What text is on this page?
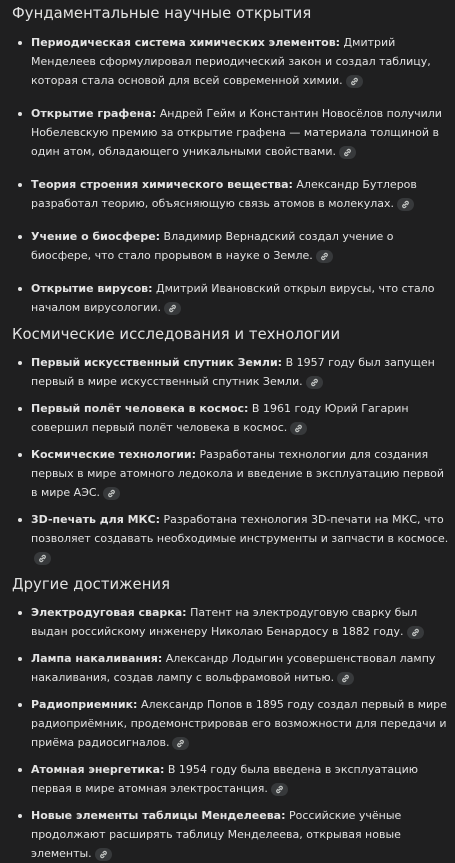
Фундаментальные научные открытия
Периодическая система химических элементов: Дмитрий Менделеев сформулировал периодический закон и создал таблицу, которая стала основой для всей современной химии.
Открытие графена: Андрей Гейм и Константин Новосёлов получили Нобелевскую премию за открытие графена — материала толщиной в один атом, обладающего уникальными свойствами.
Теория строения химического вещества: Александр Бутлеров разработал теорию, объясняющую связь атомов в молекулах.
Учение о биосфере: Владимир Вернадский создал учение о биосфере, что стало прорывом в науке о Земле.
Открытие вирусов: Дмитрий Ивановский открыл вирусы, что стало началом вирусологии.
Космические исследования и технологии
Первый искусственный спутник Земли: В 1957 году был запущен первый в мире искусственный спутник Земли.
Первый полёт человека в космос: В 1961 году Юрий Гагарин совершил первый полёт человека в космос.
Космические технологии: Разработаны технологии для создания первых в мире атомного ледокола и введение в эксплуатацию первой в мире АЭС.
3D-печать для МКС: Разработана технология 3D-печати на МКС, что позволяет создавать необходимые инструменты и запчасти в космосе.
Другие достижения
Электродуговая сварка: Патент на электродуговую сварку был выдан российскому инженеру Николаю Бенардосу в 1882 году.
Лампа накаливания: Александр Лодыгин усовершенствовал лампу накаливания, создав лампу с вольфрамовой нитью.
Радиоприемник: Александр Попов в 1895 году создал первый в мире радиоприёмник, продемонстрировав его возможности для передачи и приёма радиосигналов.
Атомная энергетика: В 1954 году была введена в эксплуатацию первая в мире атомная электростанция.
Новые элементы таблицы Менделеева: Российские учёные продолжают расширять таблицу Менделеева, открывая новые элементы.
